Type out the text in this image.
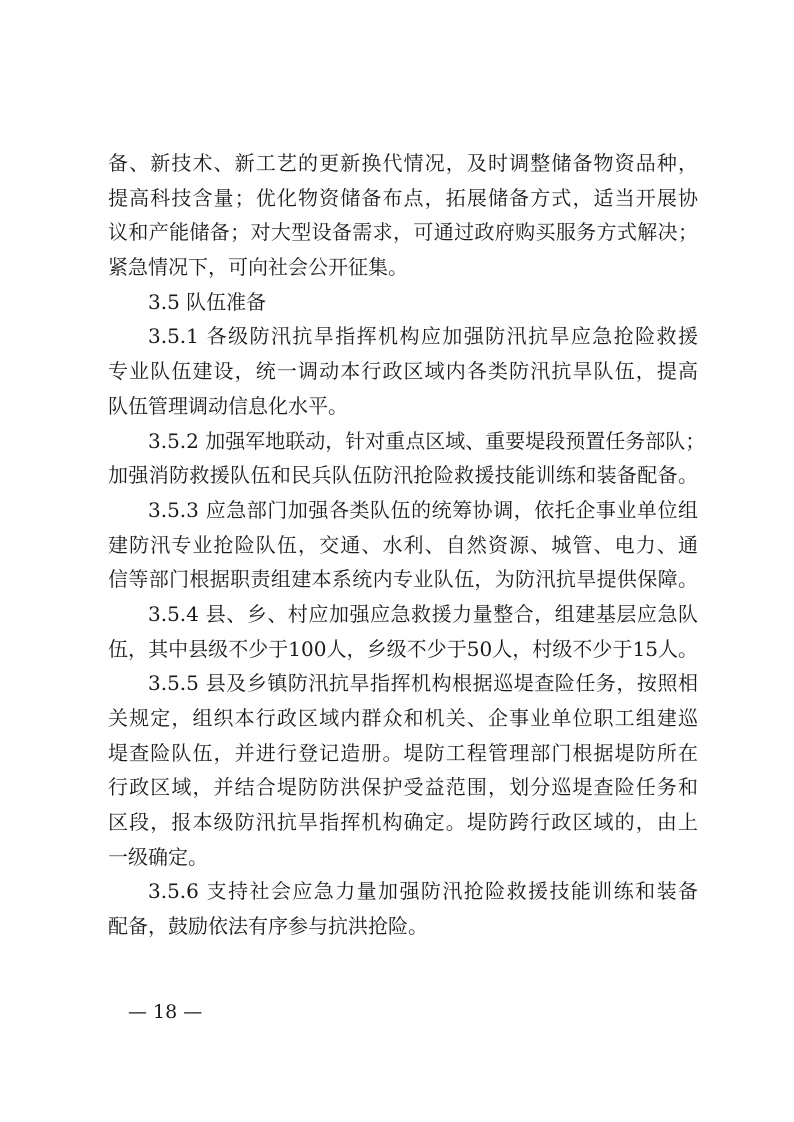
备、新技术、新工艺的更新换代情况，及时调整储备物资品种，
提高科技含量；优化物资储备布点，拓展储备方式，适当开展协
议和产能储备；对大型设备需求，可通过政府购买服务方式解决；
紧急情况下，可向社会公开征集。
3.5 队伍准备
3.5.1 各级防汛抗旱指挥机构应加强防汛抗旱应急抢险救援
专业队伍建设，统一调动本行政区域内各类防汛抗旱队伍，提高
队伍管理调动信息化水平。
3.5.2 加强军地联动，针对重点区域、重要堤段预置任务部队；
加强消防救援队伍和民兵队伍防汛抢险救援技能训练和装备配备。
3.5.3 应急部门加强各类队伍的统筹协调，依托企事业单位组
建防汛专业抢险队伍，交通、水利、自然资源、城管、电力、通
信等部门根据职责组建本系统内专业队伍，为防汛抗旱提供保障。
3.5.4 县、乡、村应加强应急救援力量整合，组建基层应急队
伍，其中县级不少于100人，乡级不少于50人，村级不少于15人。
3.5.5 县及乡镇防汛抗旱指挥机构根据巡堤查险任务，按照相
关规定，组织本行政区域内群众和机关、企事业单位职工组建巡
堤查险队伍，并进行登记造册。堤防工程管理部门根据堤防所在
行政区域，并结合堤防防洪保护受益范围，划分巡堤查险任务和
区段，报本级防汛抗旱指挥机构确定。堤防跨行政区域的，由上
一级确定。
3.5.6 支持社会应急力量加强防汛抢险救援技能训练和装备
配备，鼓励依法有序参与抗洪抢险。
— 18 —
